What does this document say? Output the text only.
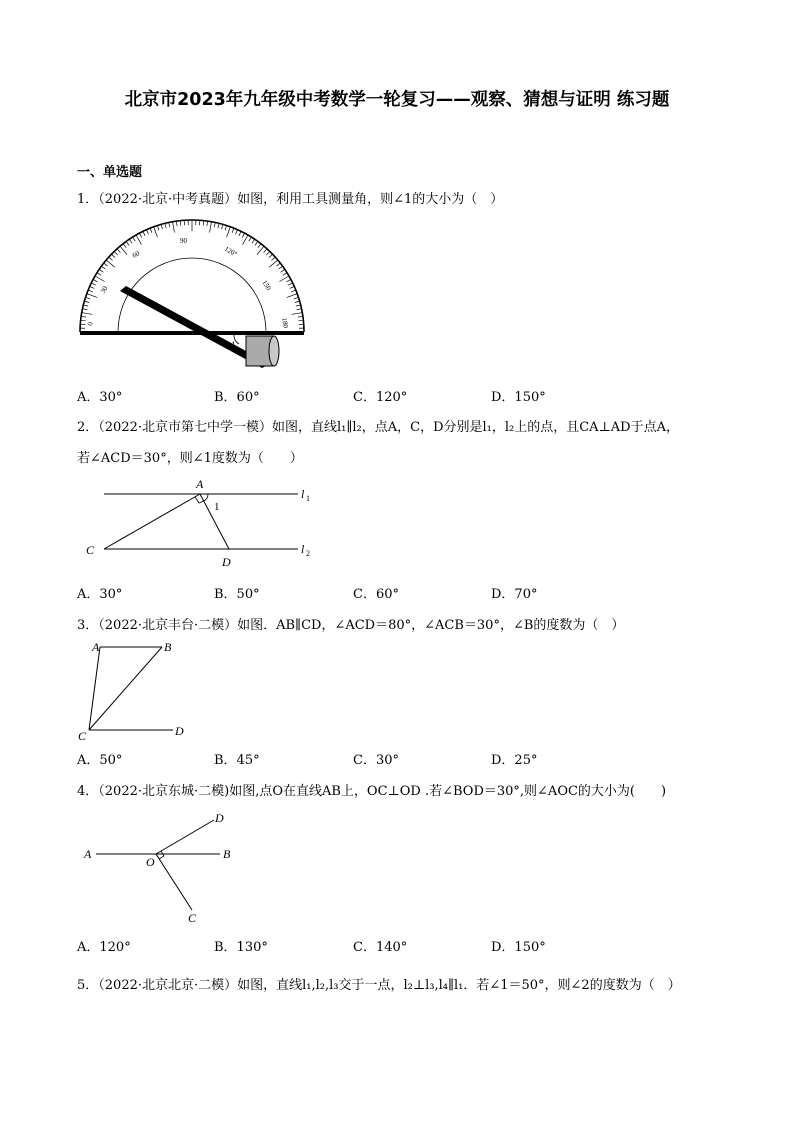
北京市2023年九年级中考数学一轮复习——观察、猜想与证明 练习题
一、单选题
1．（2022·北京·中考真题）如图，利用工具测量角，则∠1的大小为（　）
0
30
60
90
120°
150
180
1
A．30°	B．60°	C．120°	D．150°
2．（2022·北京市第七中学一模）如图，直线l₁∥l₂，点A，C，D分别是l₁，l₂上的点，且CA⊥AD于点A，
若∠ACD＝30°，则∠1度数为（　　）
A
C
D
1
l 1
l 2
A．30°	B．50°	C．60°	D．70°
3．（2022·北京丰台·二模）如图．AB∥CD，∠ACD＝80°，∠ACB＝30°，∠B的度数为（　）
A	B
C	D
A．50°	B．45°	C．30°	D．25°
4．（2022·北京东城·二模)如图,点O在直线AB上，OC⊥OD .若∠BOD＝30°,则∠AOC的大小为(　　)
A	B
D
C
O
A．120°	B．130°	C．140°	D．150°
5．（2022·北京北京·二模）如图，直线l₁,l₂,l₃交于一点，l₂⊥l₃,l₄∥l₁．若∠1＝50°，则∠2的度数为（　）
